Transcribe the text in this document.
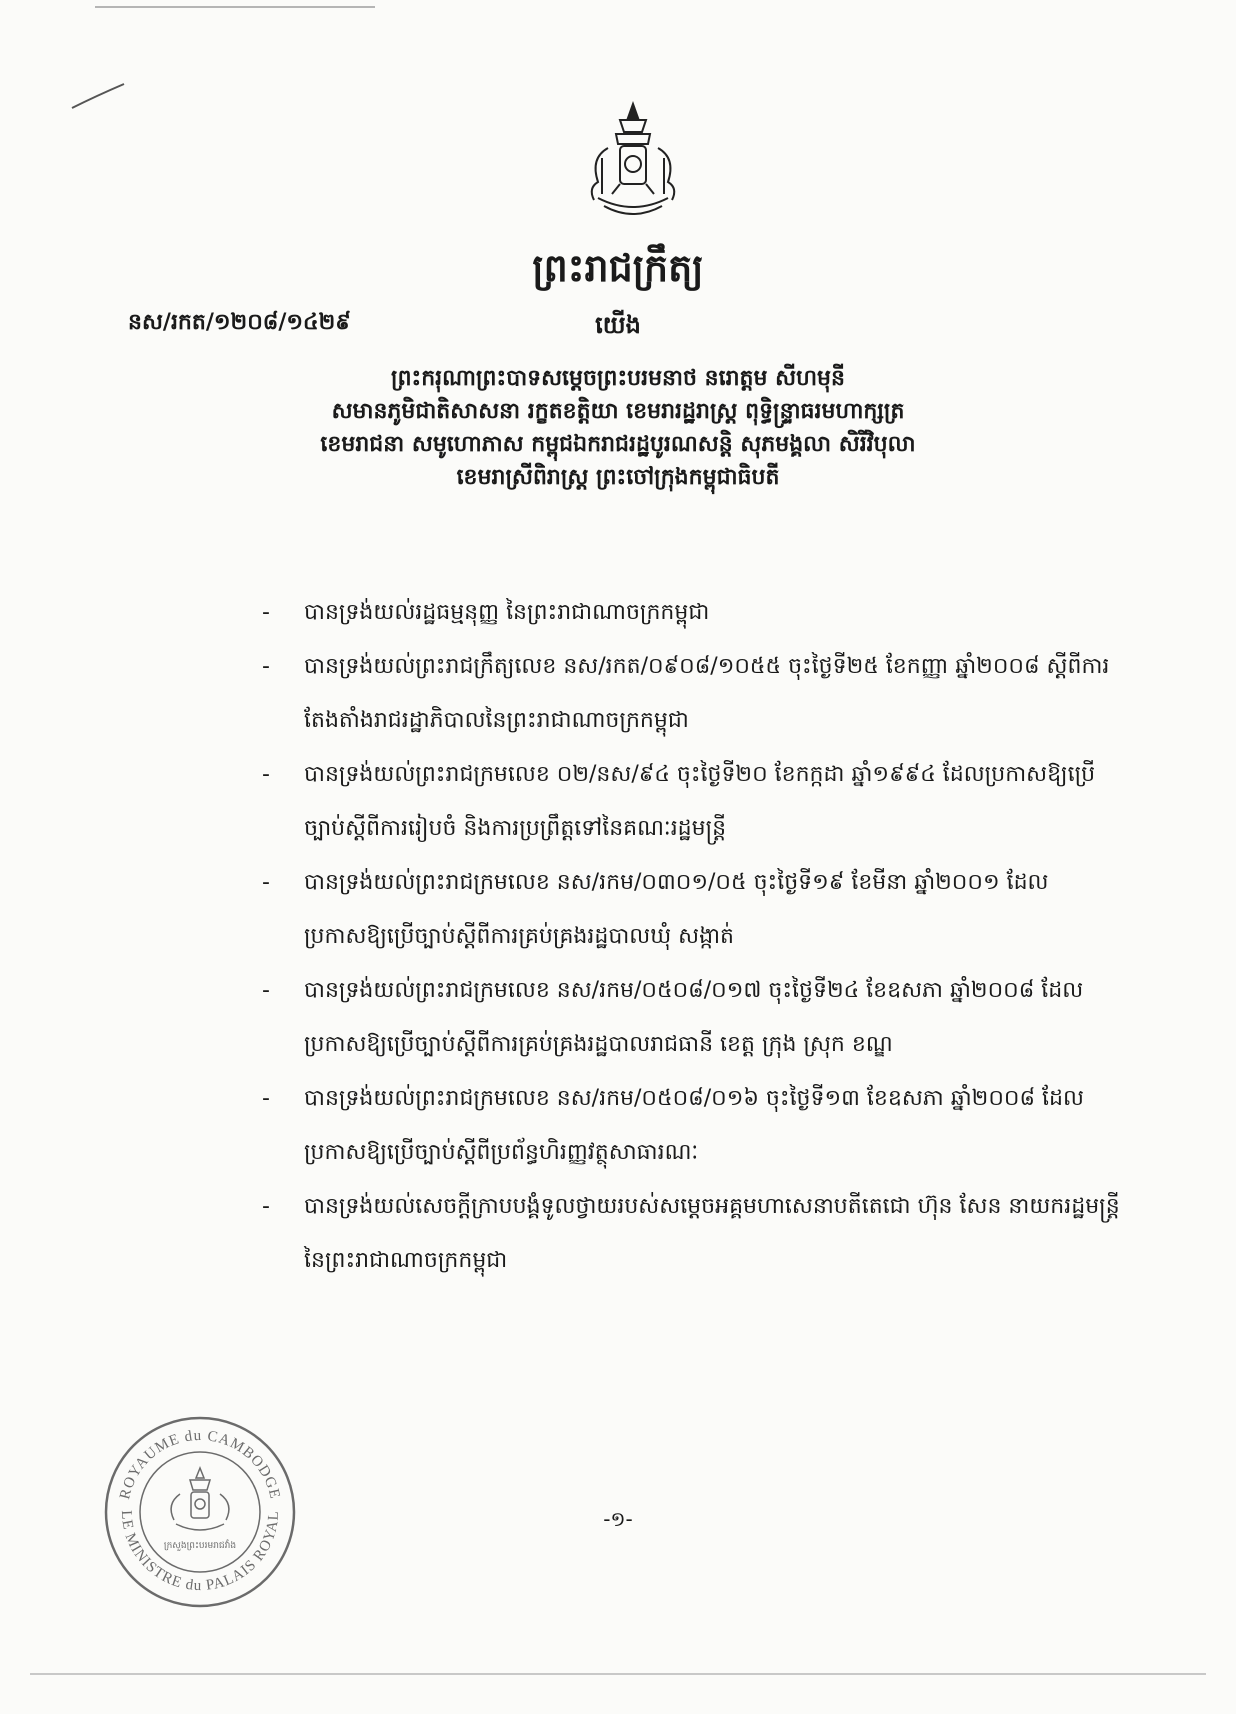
ព្រះរាជក្រឹត្យ
នស/រកត/១២០៨/១៤២៩	យើង
ព្រះករុណាព្រះបាទសម្តេចព្រះបរមនាថ នរោត្តម សីហមុនី
សមានភូមិជាតិសាសនា រក្ខតខត្តិយា ខេមរារដ្ឋរាស្ត្រ ពុទ្ធិន្ទ្រាធរមហាក្សត្រ
ខេមរាជនា សមូហោភាស កម្ពុជឯករាជរដ្ឋបូរណសន្តិ សុភមង្គលា សិរីវិបុលា
ខេមរាស្រីពិរាស្ត្រ ព្រះចៅក្រុងកម្ពុជាធិបតី
- បានទ្រង់យល់រដ្ឋធម្មនុញ្ញ នៃព្រះរាជាណាចក្រកម្ពុជា
- បានទ្រង់យល់ព្រះរាជក្រឹត្យលេខ នស/រកត/០៩០៨/១០៥៥ ចុះថ្ងៃទី២៥ ខែកញ្ញា ឆ្នាំ២០០៨ ស្តីពីការតែងតាំងរាជរដ្ឋាភិបាលនៃព្រះរាជាណាចក្រកម្ពុជា
- បានទ្រង់យល់ព្រះរាជក្រមលេខ ០២/នស/៩៤ ចុះថ្ងៃទី២០ ខែកក្កដា ឆ្នាំ១៩៩៤ ដែលប្រកាសឱ្យប្រើច្បាប់ស្តីពីការរៀបចំ និងការប្រព្រឹត្តទៅនៃគណៈរដ្ឋមន្ត្រី
- បានទ្រង់យល់ព្រះរាជក្រមលេខ នស/រកម/០៣០១/០៥ ចុះថ្ងៃទី១៩ ខែមីនា ឆ្នាំ២០០១ ដែលប្រកាសឱ្យប្រើច្បាប់ស្តីពីការគ្រប់គ្រងរដ្ឋបាលឃុំ សង្កាត់
- បានទ្រង់យល់ព្រះរាជក្រមលេខ នស/រកម/០៥០៨/០១៧ ចុះថ្ងៃទី២៤ ខែឧសភា ឆ្នាំ២០០៨ ដែលប្រកាសឱ្យប្រើច្បាប់ស្តីពីការគ្រប់គ្រងរដ្ឋបាលរាជធានី ខេត្ត ក្រុង ស្រុក ខណ្ឌ
- បានទ្រង់យល់ព្រះរាជក្រមលេខ នស/រកម/០៥០៨/០១៦ ចុះថ្ងៃទី១៣ ខែឧសភា ឆ្នាំ២០០៨ ដែលប្រកាសឱ្យប្រើច្បាប់ស្តីពីប្រព័ន្ធហិរញ្ញវត្ថុសាធារណៈ
- បានទ្រង់យល់សេចក្តីក្រាបបង្គំទូលថ្វាយរបស់សម្តេចអគ្គមហាសេនាបតីតេជោ ហ៊ុន សែន នាយករដ្ឋមន្ត្រី នៃព្រះរាជាណាចក្រកម្ពុជា
ROYAUME du CAMBODGE
LE MINISTRE du PALAIS ROYAL
ក្រសួងព្រះបរមរាជវាំង
-១-
